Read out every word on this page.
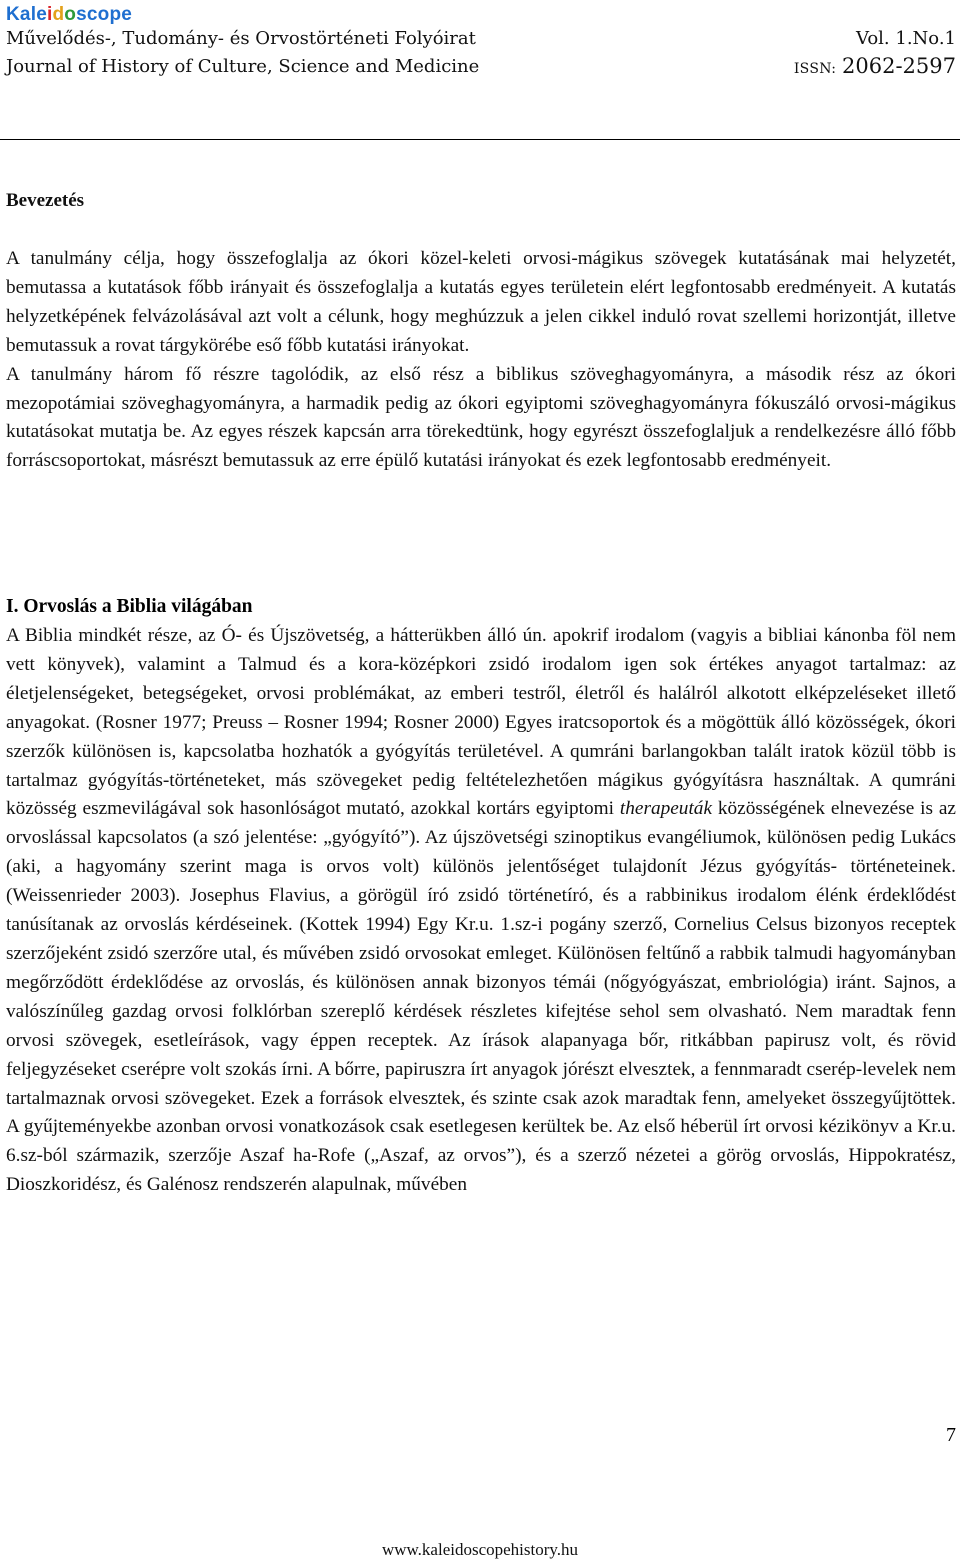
Kaleidoscope
Művelődés-, Tudomány- és Orvostörténeti Folyóirat
Journal of History of Culture, Science and Medicine
Vol. 1.No.1
ISSN: 2062-2597
Bevezetés

A tanulmány célja, hogy összefoglalja az ókori közel-keleti orvosi-mágikus szövegek kutatásának mai helyzetét, bemutassa a kutatások főbb irányait és összefoglalja a kutatás egyes területein elért legfontosabb eredményeit. A kutatás helyzetképének felvázolásával azt volt a célunk, hogy meghúzzuk a jelen cikkel induló rovat szellemi horizontját, illetve bemutassuk a rovat tárgykörébe eső főbb kutatási irányokat.

A tanulmány három fő részre tagolódik, az első rész a biblikus szöveghagyományra, a második rész az ókori mezopotámiai szöveghagyományra, a harmadik pedig az ókori egyiptomi szöveghagyományra fókuszáló orvosi-mágikus kutatásokat mutatja be. Az egyes részek kapcsán arra törekedtünk, hogy egyrészt összefoglaljuk a rendelkezésre álló főbb forráscsoportokat, másrészt bemutassuk az erre épülő kutatási irányokat és ezek legfontosabb eredményeit.

I. Orvoslás a Biblia világában

A Biblia mindkét része, az Ó- és Újszövetség, a hátterükben álló ún. apokrif irodalom (vagyis a bibliai kánonba föl nem vett könyvek), valamint a Talmud és a kora-középkori zsidó irodalom igen sok értékes anyagot tartalmaz: az életjelenségeket, betegségeket, orvosi problémákat, az emberi testről, életről és halálról alkotott elképzeléseket illető anyagokat. (Rosner 1977; Preuss – Rosner 1994; Rosner 2000) Egyes iratcsoportok és a mögöttük álló közösségek, ókori szerzők különösen is, kapcsolatba hozhatók a gyógyítás területével. A qumráni barlangokban talált iratok közül több is tartalmaz gyógyítás-történeteket, más szövegeket pedig feltételezhetően mágikus gyógyításra használtak. A qumráni közösség eszmevilágával sok hasonlóságot mutató, azokkal kortárs egyiptomi therapeuták közösségének elnevezése is az orvoslással kapcsolatos (a szó jelentése: „gyógyító”). Az újszövetségi szinoptikus evangéliumok, különösen pedig Lukács (aki, a hagyomány szerint maga is orvos volt) különös jelentőséget tulajdonít Jézus gyógyítás- történeteinek. (Weissenrieder 2003). Josephus Flavius, a görögül író zsidó történetíró, és a rabbinikus irodalom élénk érdeklődést tanúsítanak az orvoslás kérdéseinek. (Kottek 1994) Egy Kr.u. 1.sz-i pogány szerző, Cornelius Celsus bizonyos receptek szerzőjeként zsidó szerzőre utal, és művében zsidó orvosokat emleget. Különösen feltűnő a rabbik talmudi hagyományban megőrződött érdeklődése az orvoslás, és különösen annak bizonyos témái (nőgyógyászat, embriológia) iránt. Sajnos, a valószínűleg gazdag orvosi folklórban szereplő kérdések részletes kifejtése sehol sem olvasható. Nem maradtak fenn orvosi szövegek, esetleírások, vagy éppen receptek. Az írások alapanyaga bőr, ritkábban papirusz volt, és rövid feljegyzéseket cserépre volt szokás írni. A bőrre, papiruszra írt anyagok jórészt elvesztek, a fennmaradt cserép-levelek nem tartalmaznak orvosi szövegeket. Ezek a források elvesztek, és szinte csak azok maradtak fenn, amelyeket összegyűjtöttek. A gyűjteményekbe azonban orvosi vonatkozások csak esetlegesen kerültek be. Az első héberül írt orvosi kézikönyv a Kr.u. 6.sz-ból származik, szerzője Aszaf ha-Rofe („Aszaf, az orvos”), és a szerző nézetei a görög orvoslás, Hippokratész, Dioszkoridész, és Galénosz rendszerén alapulnak, művében

7
www.kaleidoscopehistory.hu
